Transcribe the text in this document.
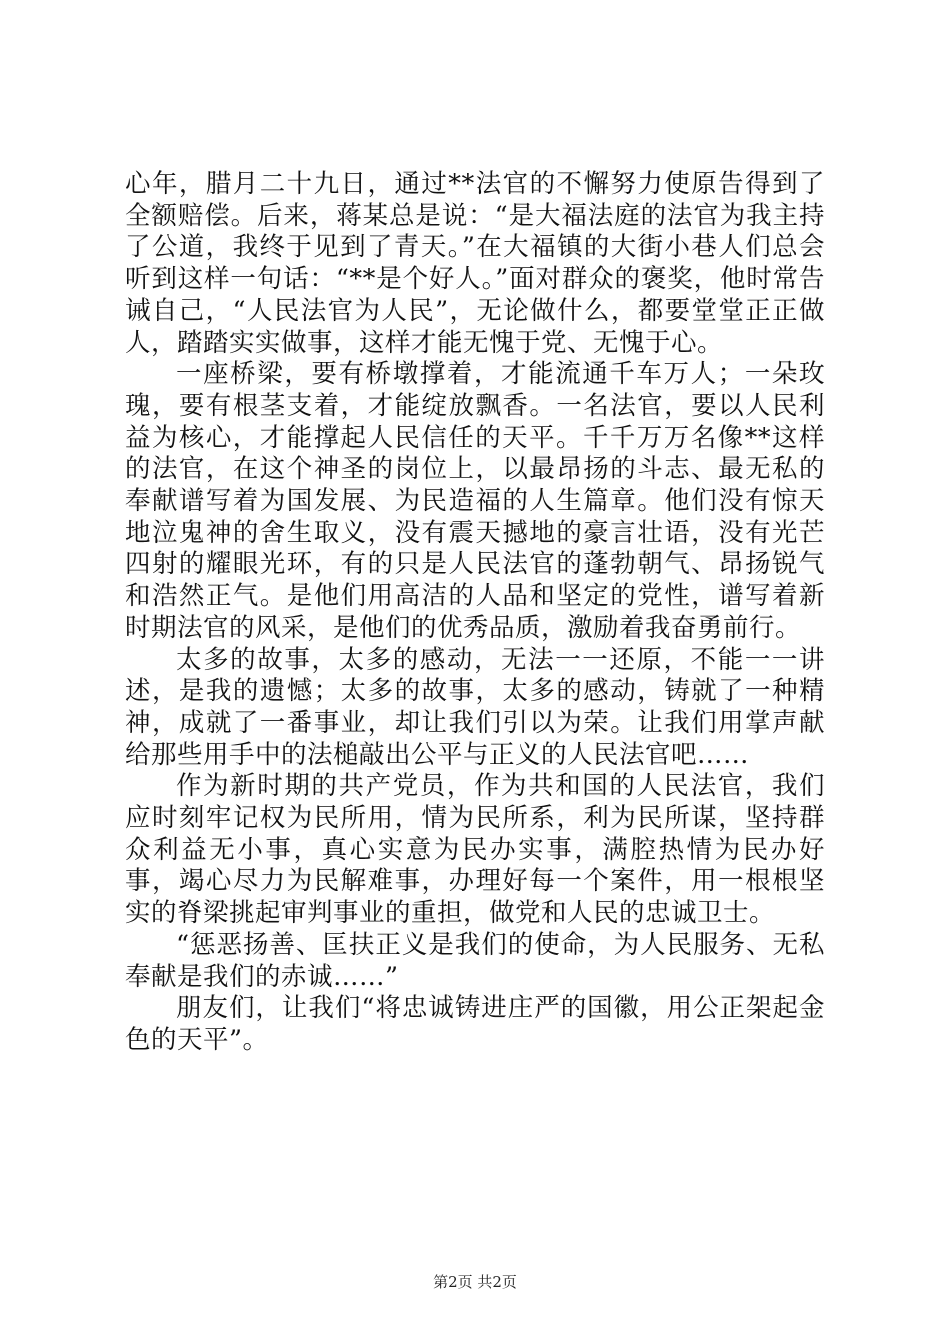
心年，腊月二十九日，通过**法官的不懈努力使原告得到了全额赔偿。后来，蒋某总是说：“是大福法庭的法官为我主持了公道，我终于见到了青天。”在大福镇的大街小巷人们总会听到这样一句话：“**是个好人。”面对群众的褒奖，他时常告诫自己，“人民法官为人民”，无论做什么，都要堂堂正正做人，踏踏实实做事，这样才能无愧于党、无愧于心。

一座桥梁，要有桥墩撑着，才能流通千车万人；一朵玫瑰，要有根茎支着，才能绽放飘香。一名法官，要以人民利益为核心，才能撑起人民信任的天平。千千万万名像**这样的法官，在这个神圣的岗位上，以最昂扬的斗志、最无私的奉献谱写着为国发展、为民造福的人生篇章。他们没有惊天地泣鬼神的舍生取义，没有震天撼地的豪言壮语，没有光芒四射的耀眼光环，有的只是人民法官的蓬勃朝气、昂扬锐气和浩然正气。是他们用高洁的人品和坚定的党性，谱写着新时期法官的风采，是他们的优秀品质，激励着我奋勇前行。

太多的故事，太多的感动，无法一一还原，不能一一讲述，是我的遗憾；太多的故事，太多的感动，铸就了一种精神，成就了一番事业，却让我们引以为荣。让我们用掌声献给那些用手中的法槌敲出公平与正义的人民法官吧……

作为新时期的共产党员，作为共和国的人民法官，我们应时刻牢记权为民所用，情为民所系，利为民所谋，坚持群众利益无小事，真心实意为民办实事，满腔热情为民办好事，竭心尽力为民解难事，办理好每一个案件，用一根根坚实的脊梁挑起审判事业的重担，做党和人民的忠诚卫士。

“惩恶扬善、匡扶正义是我们的使命，为人民服务、无私奉献是我们的赤诚……”

朋友们，让我们“将忠诚铸进庄严的国徽，用公正架起金色的天平”。

第2页 共2页
